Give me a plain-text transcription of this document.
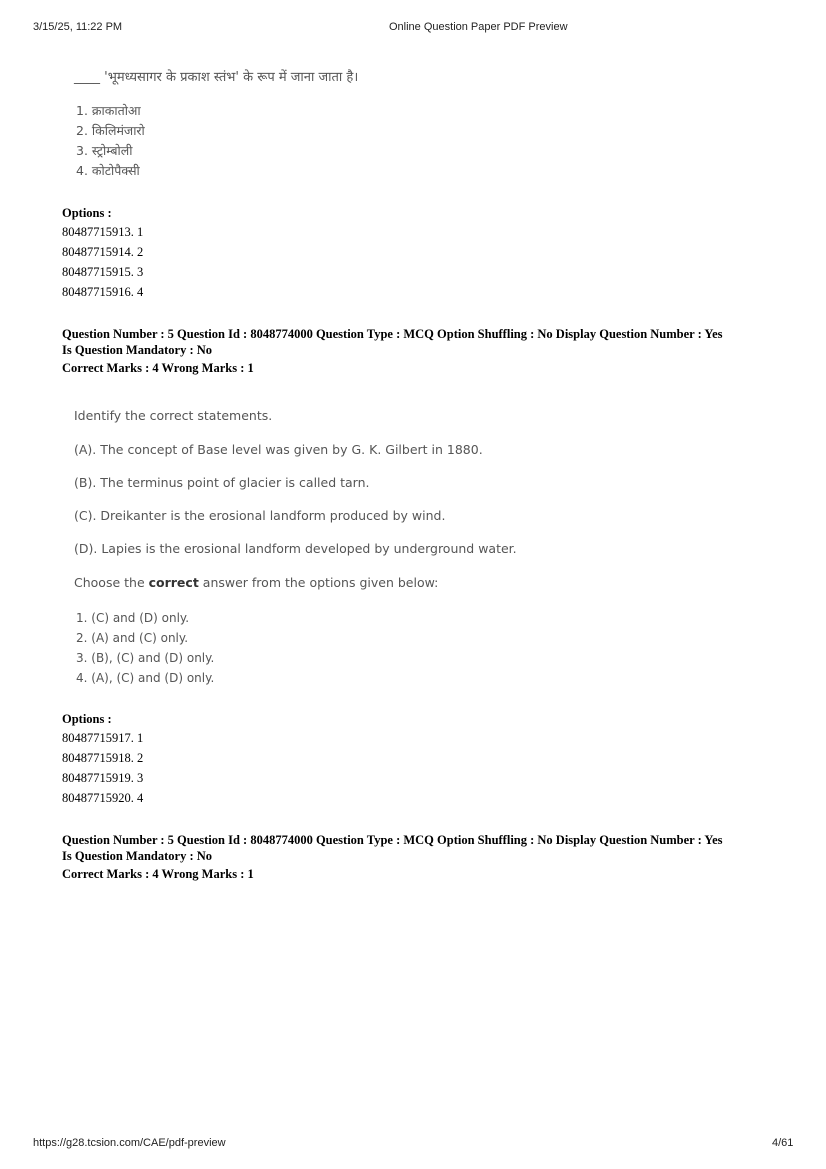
3/15/25, 11:22 PM	Online Question Paper PDF Preview
____ 'भूमध्यसागर के प्रकाश स्तंभ' के रूप में जाना जाता है।
1. क्राकातोआ
2. किलिमंजारो
3. स्ट्रोम्बोली
4. कोटोपैक्सी
Options :
80487715913. 1
80487715914. 2
80487715915. 3
80487715916. 4
Question Number : 5 Question Id : 8048774000 Question Type : MCQ Option Shuffling : No Display Question Number : Yes
Is Question Mandatory : No
Correct Marks : 4 Wrong Marks : 1
Identify the correct statements.
(A). The concept of Base level was given by G. K. Gilbert in 1880.
(B). The terminus point of glacier is called tarn.
(C). Dreikanter is the erosional landform produced by wind.
(D). Lapies is the erosional landform developed by underground water.
Choose the correct answer from the options given below:
1. (C) and (D) only.
2. (A) and (C) only.
3. (B), (C) and (D) only.
4. (A), (C) and (D) only.
Options :
80487715917. 1
80487715918. 2
80487715919. 3
80487715920. 4
Question Number : 5 Question Id : 8048774000 Question Type : MCQ Option Shuffling : No Display Question Number : Yes
Is Question Mandatory : No
Correct Marks : 4 Wrong Marks : 1
https://g28.tcsion.com/CAE/pdf-preview	4/61
